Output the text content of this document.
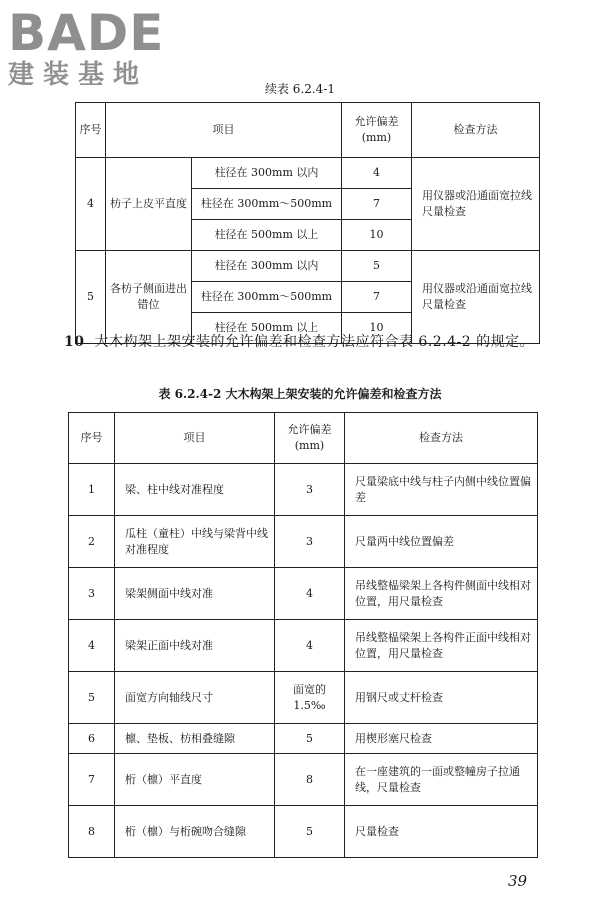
BADE
建装基地	续表 6.2.4-1
序号	项目		允许偏差(mm)	检查方法
4	枋子上皮平直度	柱径在 300mm 以内	4	用仪器或沿通面宽拉线尺量检查
		柱径在 300mm～500mm	7	
		柱径在 500mm 以上	10	
5	各枋子侧面进出错位	柱径在 300mm 以内	5	用仪器或沿通面宽拉线尺量检查
		柱径在 300mm～500mm	7	
		柱径在 500mm 以上	10	
10 大木构架上架安装的允许偏差和检查方法应符合表 6.2.4-2 的规定。
表 6.2.4-2 大木构架上架安装的允许偏差和检查方法
序号	项目	允许偏差(mm)	检查方法
1	梁、柱中线对准程度	3	尺量梁底中线与柱子内侧中线位置偏差
2	瓜柱（童柱）中线与梁背中线对准程度	3	尺量两中线位置偏差
3	梁架侧面中线对准	4	吊线整榀梁架上各构件侧面中线相对位置，用尺量检查
4	梁架正面中线对准	4	吊线整榀梁架上各构件正面中线相对位置，用尺量检查
5	面宽方向轴线尺寸	面宽的 1.5‰	用钢尺或丈杆检查
6	檩、垫板、枋相叠缝隙	5	用楔形塞尺检查
7	桁（檩）平直度	8	在一座建筑的一面或整幢房子拉通线，尺量检查
8	桁（檩）与桁碗吻合缝隙	5	尺量检查
39
